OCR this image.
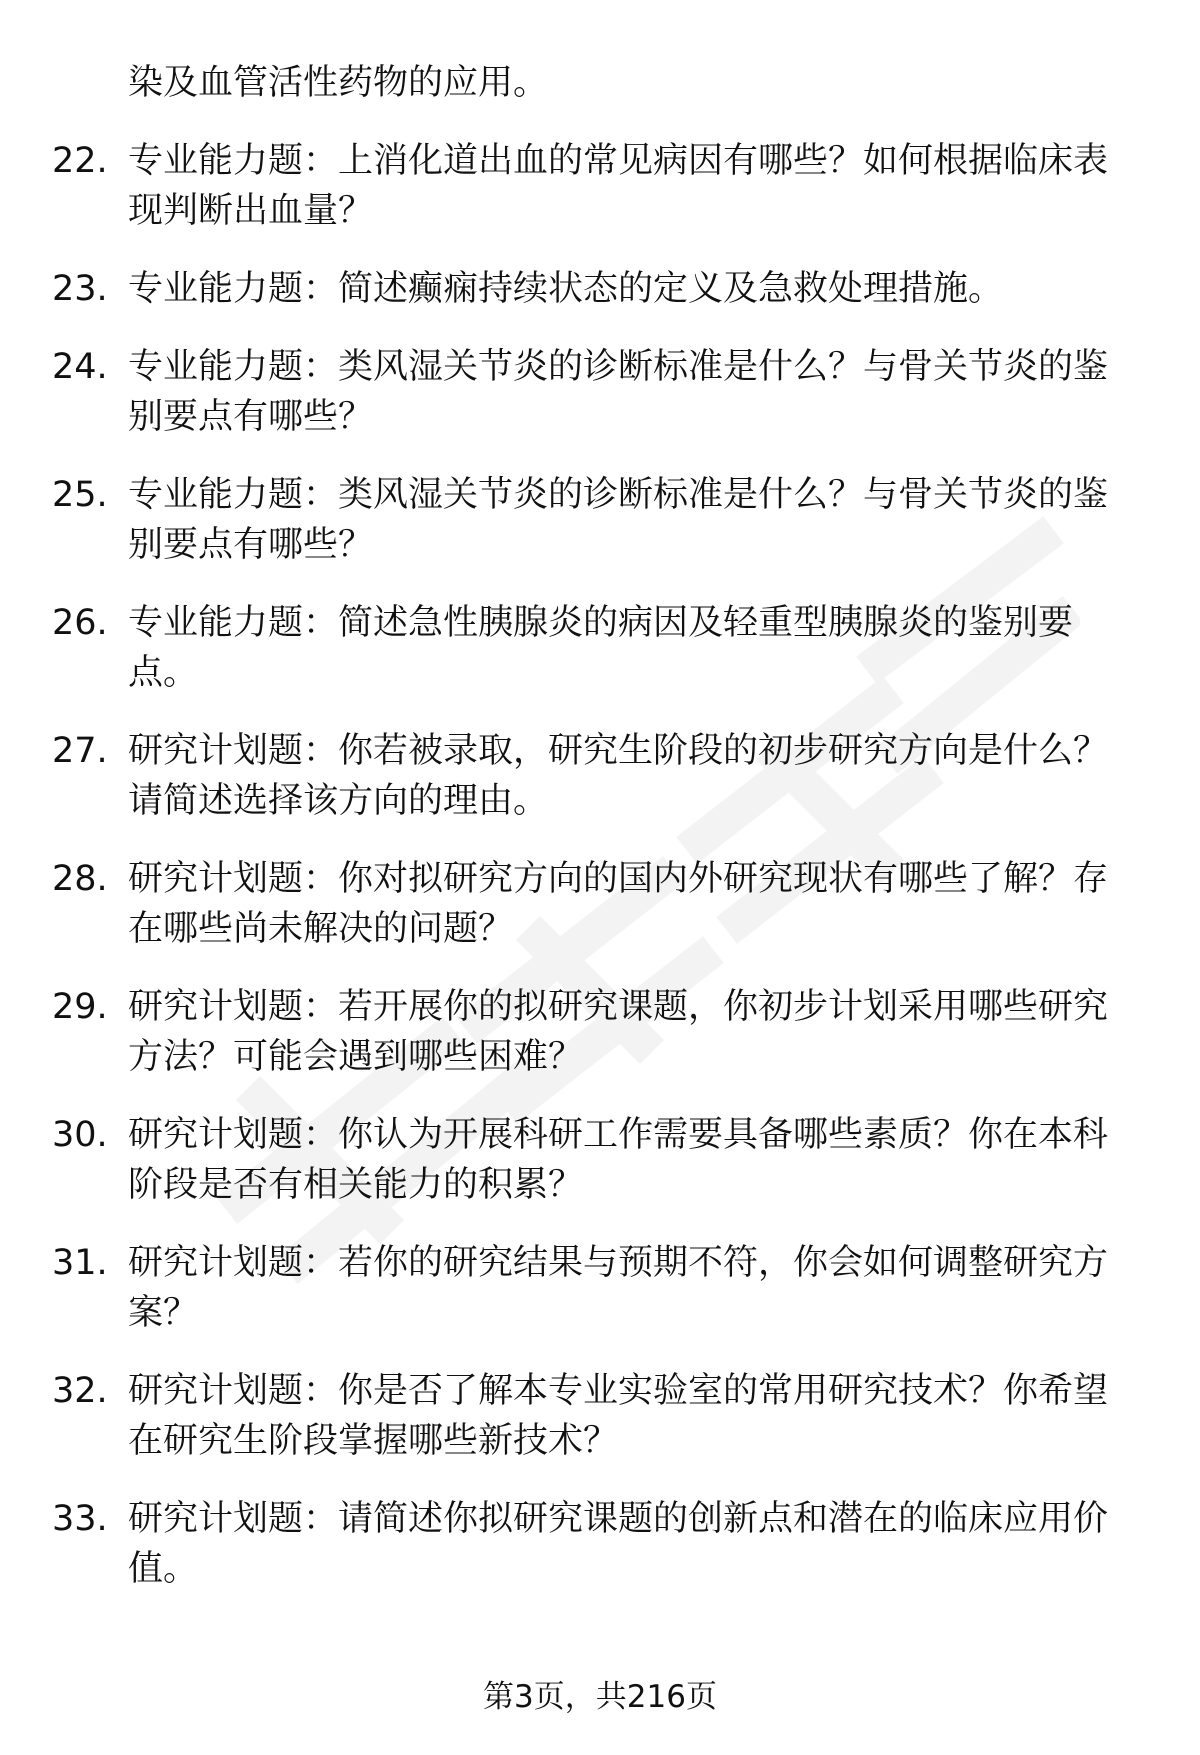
染及血管活性药物的应用。
22. 专业能力题：上消化道出血的常见病因有哪些？如何根据临床表现判断出血量？
23. 专业能力题：简述癫痫持续状态的定义及急救处理措施。
24. 专业能力题：类风湿关节炎的诊断标准是什么？与骨关节炎的鉴别要点有哪些？
25. 专业能力题：类风湿关节炎的诊断标准是什么？与骨关节炎的鉴别要点有哪些？
26. 专业能力题：简述急性胰腺炎的病因及轻重型胰腺炎的鉴别要点。
27. 研究计划题：你若被录取，研究生阶段的初步研究方向是什么？请简述选择该方向的理由。
28. 研究计划题：你对拟研究方向的国内外研究现状有哪些了解？存在哪些尚未解决的问题？
29. 研究计划题：若开展你的拟研究课题，你初步计划采用哪些研究方法？可能会遇到哪些困难？
30. 研究计划题：你认为开展科研工作需要具备哪些素质？你在本科阶段是否有相关能力的积累？
31. 研究计划题：若你的研究结果与预期不符，你会如何调整研究方案？
32. 研究计划题：你是否了解本专业实验室的常用研究技术？你希望在研究生阶段掌握哪些新技术？
33. 研究计划题：请简述你拟研究课题的创新点和潜在的临床应用价值。
第3页，共216页
